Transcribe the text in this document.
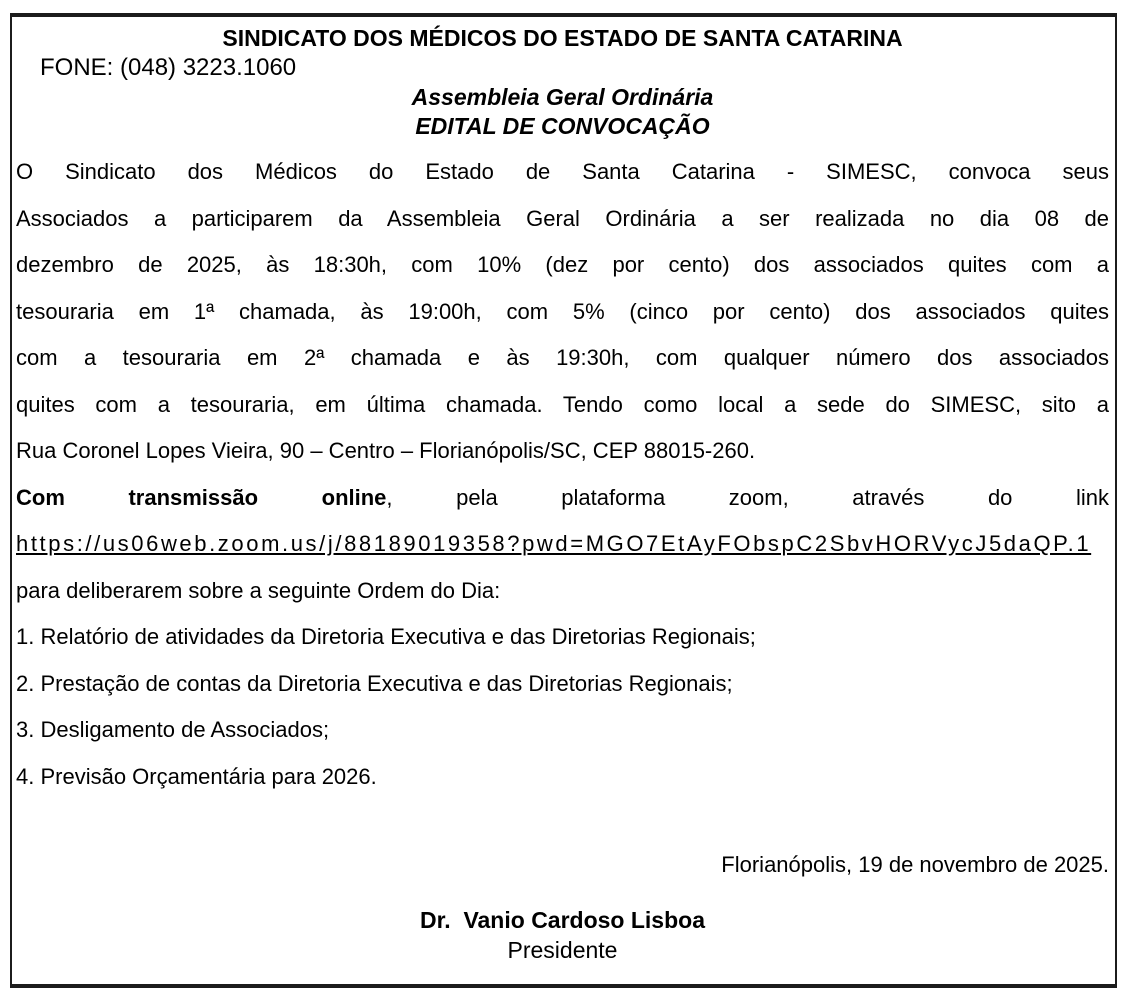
SINDICATO DOS MÉDICOS DO ESTADO DE SANTA CATARINA
FONE: (048) 3223.1060
Assembleia Geral Ordinária
EDITAL DE CONVOCAÇÃO
O Sindicato dos Médicos do Estado de Santa Catarina - SIMESC, convoca seus
Associados a participarem da Assembleia Geral Ordinária a ser realizada no dia 08 de
dezembro de 2025, às 18:30h, com 10% (dez por cento) dos associados quites com a
tesouraria em 1ª chamada, às 19:00h, com 5% (cinco por cento) dos associados quites
com a tesouraria em 2ª chamada e às 19:30h, com qualquer número dos associados
quites com a tesouraria, em última chamada. Tendo como local a sede do SIMESC, sito a
Rua Coronel Lopes Vieira, 90 – Centro – Florianópolis/SC, CEP 88015-260.
Com transmissão online, pela plataforma zoom, através do link
https://us06web.zoom.us/j/88189019358?pwd=MGO7EtAyFObspC2SbvHORVycJ5daQP.1
para deliberarem sobre a seguinte Ordem do Dia:
1. Relatório de atividades da Diretoria Executiva e das Diretorias Regionais;
2. Prestação de contas da Diretoria Executiva e das Diretorias Regionais;
3. Desligamento de Associados;
4. Previsão Orçamentária para 2026.
Florianópolis, 19 de novembro de 2025.
Dr.  Vanio Cardoso Lisboa
Presidente
